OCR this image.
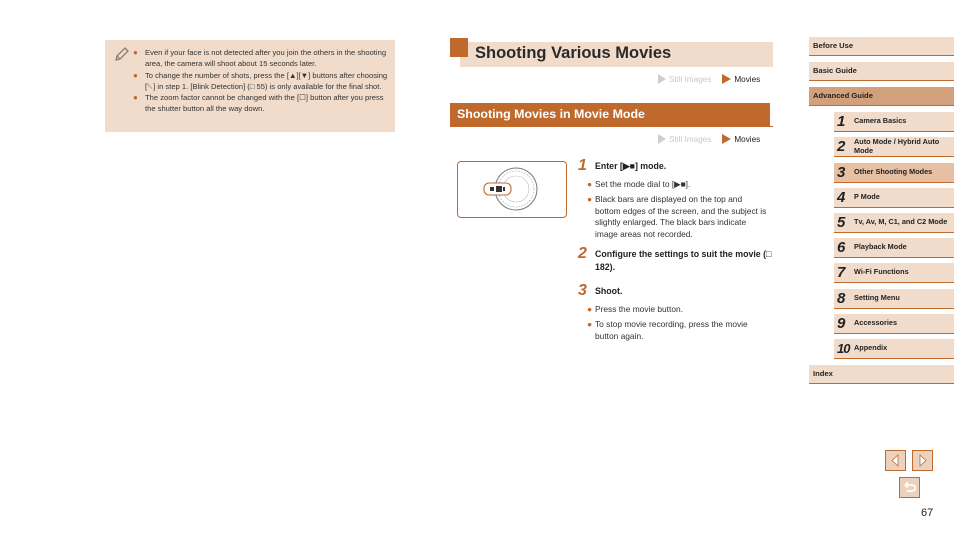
● Even if your face is not detected after you join the others in the shooting area, the camera will shoot about 15 seconds later.
● To change the number of shots, press the [▲][▼] buttons after choosing [␀] in step 1. [Blink Detection] (□ 55) is only available for the final shot.
● The zoom factor cannot be changed with the [☐] button after you press the shutter button all the way down.
Shooting Various Movies
Still Images	Movies
Shooting Movies in Movie Mode
Still Images	Movies
1 Enter [▶■] mode.
● Set the mode dial to [▶■].
● Black bars are displayed on the top and bottom edges of the screen, and the subject is slightly enlarged. The black bars indicate image areas not recorded.
2 Configure the settings to suit the movie (□ 182).
3 Shoot.
● Press the movie button.
● To stop movie recording, press the movie button again.
Before Use
Basic Guide
Advanced Guide
1 Camera Basics
2 Auto Mode / Hybrid Auto Mode
3 Other Shooting Modes
4 P Mode
5 Tv, Av, M, C1, and C2 Mode
6 Playback Mode
7 Wi-Fi Functions
8 Setting Menu
9 Accessories
10 Appendix
Index
67
